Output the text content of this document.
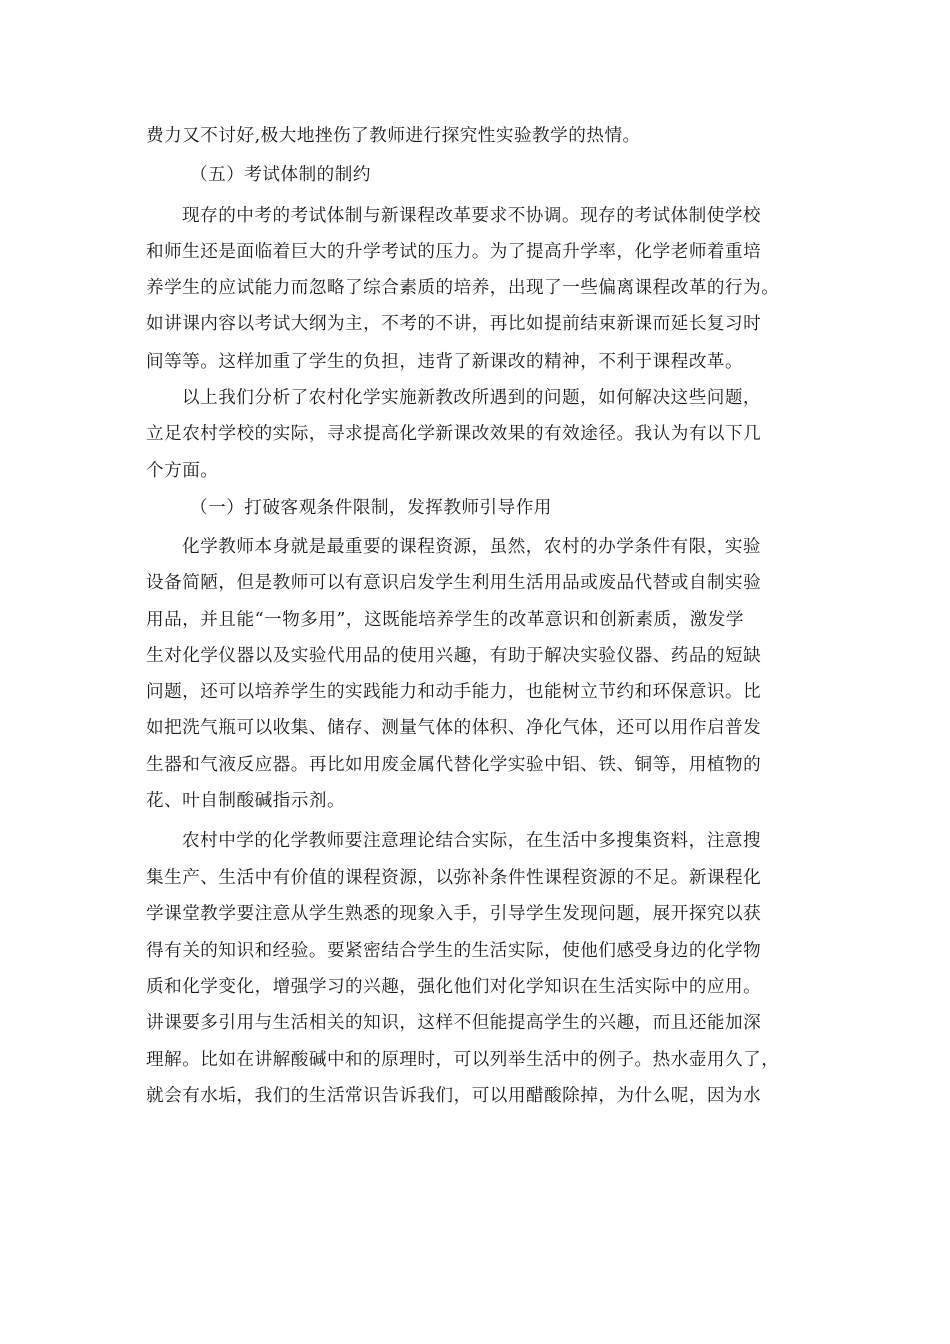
费力又不讨好,极大地挫伤了教师进行探究性实验教学的热情。
（五）考试体制的制约
现存的中考的考试体制与新课程改革要求不协调。现存的考试体制使学校
和师生还是面临着巨大的升学考试的压力。为了提高升学率，化学老师着重培
养学生的应试能力而忽略了综合素质的培养，出现了一些偏离课程改革的行为。
如讲课内容以考试大纲为主，不考的不讲，再比如提前结束新课而延长复习时
间等等。这样加重了学生的负担，违背了新课改的精神，不利于课程改革。
以上我们分析了农村化学实施新教改所遇到的问题，如何解决这些问题，
立足农村学校的实际，寻求提高化学新课改效果的有效途径。我认为有以下几
个方面。
（一）打破客观条件限制，发挥教师引导作用
化学教师本身就是最重要的课程资源，虽然，农村的办学条件有限，实验
设备简陋，但是教师可以有意识启发学生利用生活用品或废品代替或自制实验
用品，并且能“一物多用”，这既能培养学生的改革意识和创新素质，激发学
生对化学仪器以及实验代用品的使用兴趣，有助于解决实验仪器、药品的短缺
问题，还可以培养学生的实践能力和动手能力，也能树立节约和环保意识。比
如把洗气瓶可以收集、储存、测量气体的体积、净化气体，还可以用作启普发
生器和气液反应器。再比如用废金属代替化学实验中铝、铁、铜等，用植物的
花、叶自制酸碱指示剂。
农村中学的化学教师要注意理论结合实际，在生活中多搜集资料，注意搜
集生产、生活中有价值的课程资源，以弥补条件性课程资源的不足。新课程化
学课堂教学要注意从学生熟悉的现象入手，引导学生发现问题，展开探究以获
得有关的知识和经验。要紧密结合学生的生活实际，使他们感受身边的化学物
质和化学变化，增强学习的兴趣，强化他们对化学知识在生活实际中的应用。
讲课要多引用与生活相关的知识，这样不但能提高学生的兴趣，而且还能加深
理解。比如在讲解酸碱中和的原理时，可以列举生活中的例子。热水壶用久了，
就会有水垢，我们的生活常识告诉我们，可以用醋酸除掉，为什么呢，因为水
